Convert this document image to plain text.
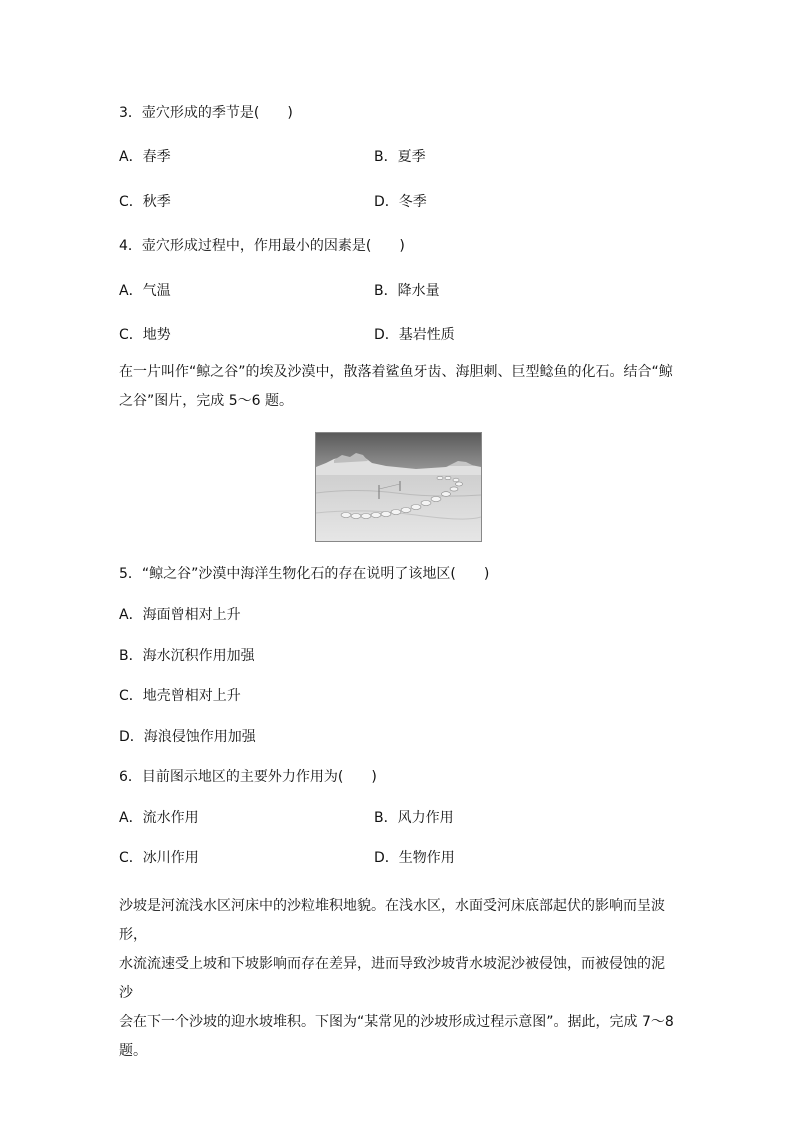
3．壶穴形成的季节是(　　)
A．春季	B．夏季
C．秋季	D．冬季
4．壶穴形成过程中，作用最小的因素是(　　)
A．气温	B．降水量
C．地势	D．基岩性质
在一片叫作“鲸之谷”的埃及沙漠中，散落着鲨鱼牙齿、海胆刺、巨型鲶鱼的化石。结合“鲸
之谷”图片，完成 5～6 题。
5．“鲸之谷”沙漠中海洋生物化石的存在说明了该地区(　　)
A．海面曾相对上升
B．海水沉积作用加强
C．地壳曾相对上升
D．海浪侵蚀作用加强
6．目前图示地区的主要外力作用为(　　)
A．流水作用	B．风力作用
C．冰川作用	D．生物作用
沙坡是河流浅水区河床中的沙粒堆积地貌。在浅水区，水面受河床底部起伏的影响而呈波形，
水流流速受上坡和下坡影响而存在差异，进而导致沙坡背水坡泥沙被侵蚀，而被侵蚀的泥沙
会在下一个沙坡的迎水坡堆积。下图为“某常见的沙坡形成过程示意图”。据此，完成 7～8
题。
